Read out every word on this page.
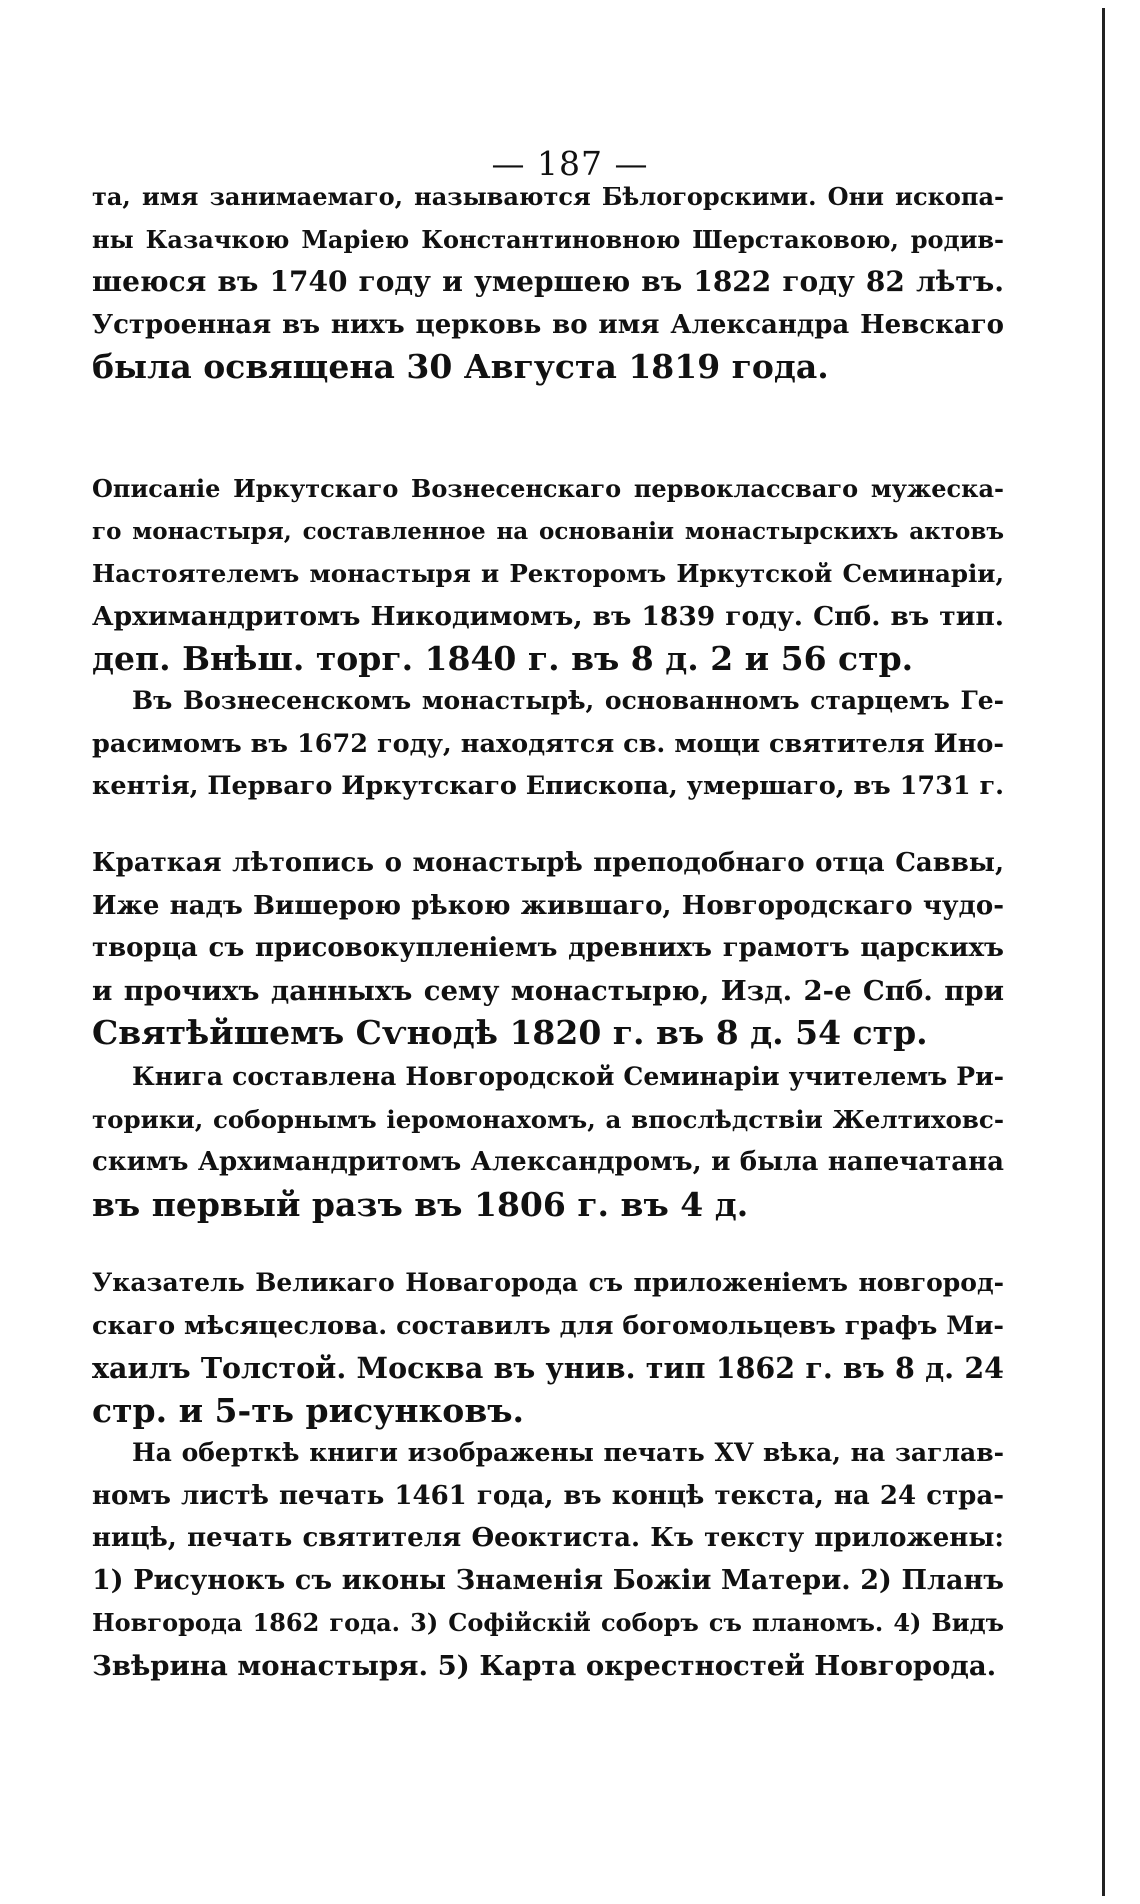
— 187 —
та, имя занимаемаго, называются Бѣлогорскими. Они ископа-
ны Казачкою Маріею Константиновною Шерстаковою, родив-
шеюся въ 1740 году и умершею въ 1822 году 82 лѣтъ.
Устроенная въ нихъ церковь во имя Александра Невскаго
была освящена 30 Августа 1819 года.
Описаніе Иркутскаго Вознесенскаго первоклассваго мужеска-
го монастыря, составленное на основаніи монастырскихъ актовъ
Настоятелемъ монастыря и Ректоромъ Иркутской Семинаріи,
Архимандритомъ Никодимомъ, въ 1839 году. Спб. въ тип.
деп. Внѣш. торг. 1840 г. въ 8 д. 2 и 56 стр.
Въ Вознесенскомъ монастырѣ, основанномъ старцемъ Ге-
расимомъ въ 1672 году, находятся св. мощи святителя Ино-
кентія, Перваго Иркутскаго Епископа, умершаго, въ 1731 г.
Краткая лѣтопись о монастырѣ преподобнаго отца Саввы,
Иже надъ Вишерою рѣкою жившаго, Новгородскаго чудо-
творца съ присовокупленіемъ древнихъ грамотъ царскихъ
и прочихъ данныхъ сему монастырю, Изд. 2-е Спб. при
Святѣйшемъ Сѵнодѣ 1820 г. въ 8 д. 54 стр.
Книга составлена Новгородской Семинаріи учителемъ Ри-
торики, соборнымъ іеромонахомъ, а впослѣдствіи Желтиховс-
скимъ Архимандритомъ Александромъ, и была напечатана
въ первый разъ въ 1806 г. въ 4 д.
Указатель Великаго Новагорода съ приложеніемъ новгород-
скаго мѣсяцеслова. составилъ для богомольцевъ графъ Ми-
хаилъ Толстой. Москва въ унив. тип 1862 г. въ 8 д. 24
стр. и 5-ть рисунковъ.
На оберткѣ книги изображены печать XV вѣка, на заглав-
номъ листѣ печать 1461 года, въ концѣ текста, на 24 стра-
ницѣ, печать святителя Ѳеоктиста. Къ тексту приложены:
1) Рисунокъ съ иконы Знаменія Божіи Матери. 2) Планъ
Новгорода 1862 года. 3) Софійскій соборъ съ планомъ. 4) Видъ
Звѣрина монастыря. 5) Карта окрестностей Новгорода.
